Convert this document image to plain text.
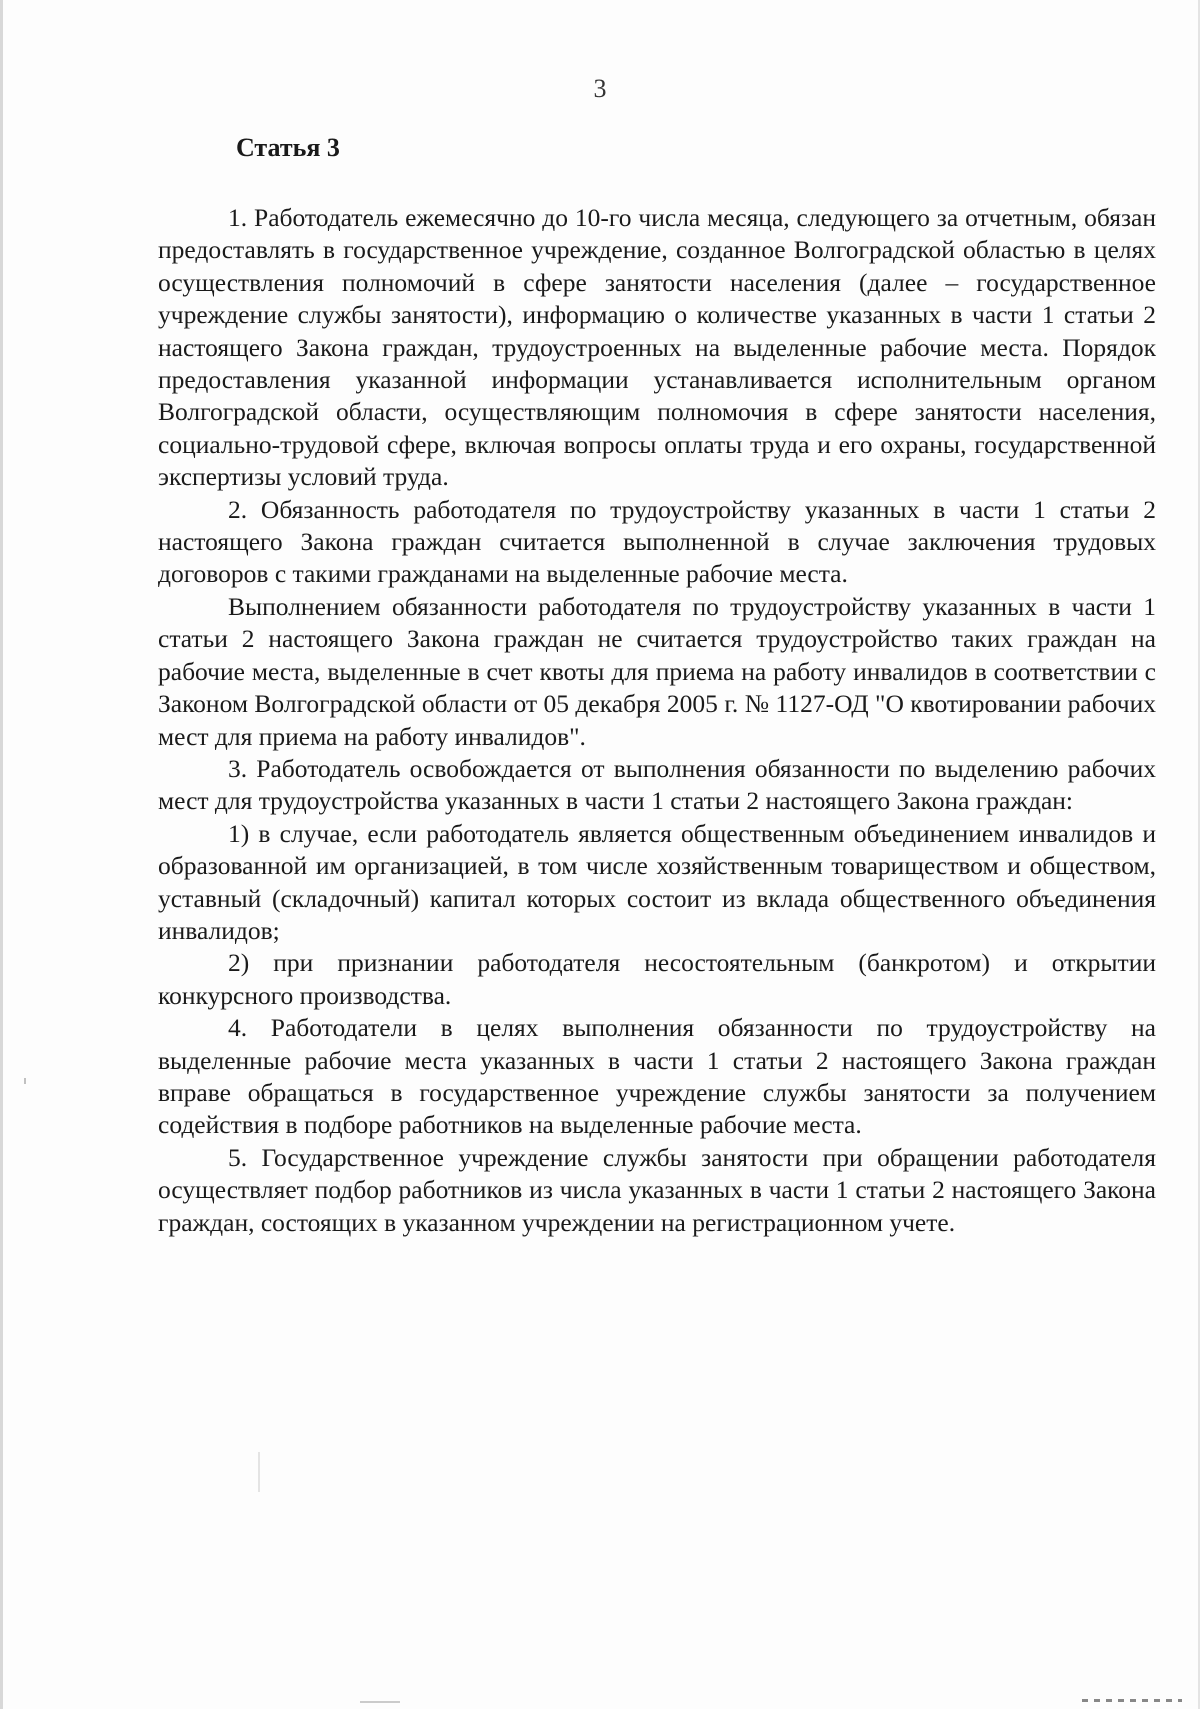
3
Статья 3

1. Работодатель ежемесячно до 10-го числа месяца, следующего за отчетным, обязан предоставлять в государственное учреждение, созданное Волгоградской областью в целях осуществления полномочий в сфере занятости населения (далее – государственное учреждение службы занятости), информацию о количестве указанных в части 1 статьи 2 настоящего Закона граждан, трудоустроенных на выделенные рабочие места. Порядок предоставления указанной информации устанавливается исполнительным органом Волгоградской области, осуществляющим полномочия в сфере занятости населения, социально-трудовой сфере, включая вопросы оплаты труда и его охраны, государственной экспертизы условий труда.

2. Обязанность работодателя по трудоустройству указанных в части 1 статьи 2 настоящего Закона граждан считается выполненной в случае заключения трудовых договоров с такими гражданами на выделенные рабочие места.

Выполнением обязанности работодателя по трудоустройству указанных в части 1 статьи 2 настоящего Закона граждан не считается трудоустройство таких граждан на рабочие места, выделенные в счет квоты для приема на работу инвалидов в соответствии с Законом Волгоградской области от 05 декабря 2005 г. № 1127-ОД "О квотировании рабочих мест для приема на работу инвалидов".

3. Работодатель освобождается от выполнения обязанности по выделению рабочих мест для трудоустройства указанных в части 1 статьи 2 настоящего Закона граждан:

1) в случае, если работодатель является общественным объединением инвалидов и образованной им организацией, в том числе хозяйственным товариществом и обществом, уставный (складочный) капитал которых состоит из вклада общественного объединения инвалидов;

2) при признании работодателя несостоятельным (банкротом) и открытии конкурсного производства.

4. Работодатели в целях выполнения обязанности по трудоустройству на выделенные рабочие места указанных в части 1 статьи 2 настоящего Закона граждан вправе обращаться в государственное учреждение службы занятости за получением содействия в подборе работников на выделенные рабочие места.

5. Государственное учреждение службы занятости при обращении работодателя осуществляет подбор работников из числа указанных в части 1 статьи 2 настоящего Закона граждан, состоящих в указанном учреждении на регистрационном учете.
